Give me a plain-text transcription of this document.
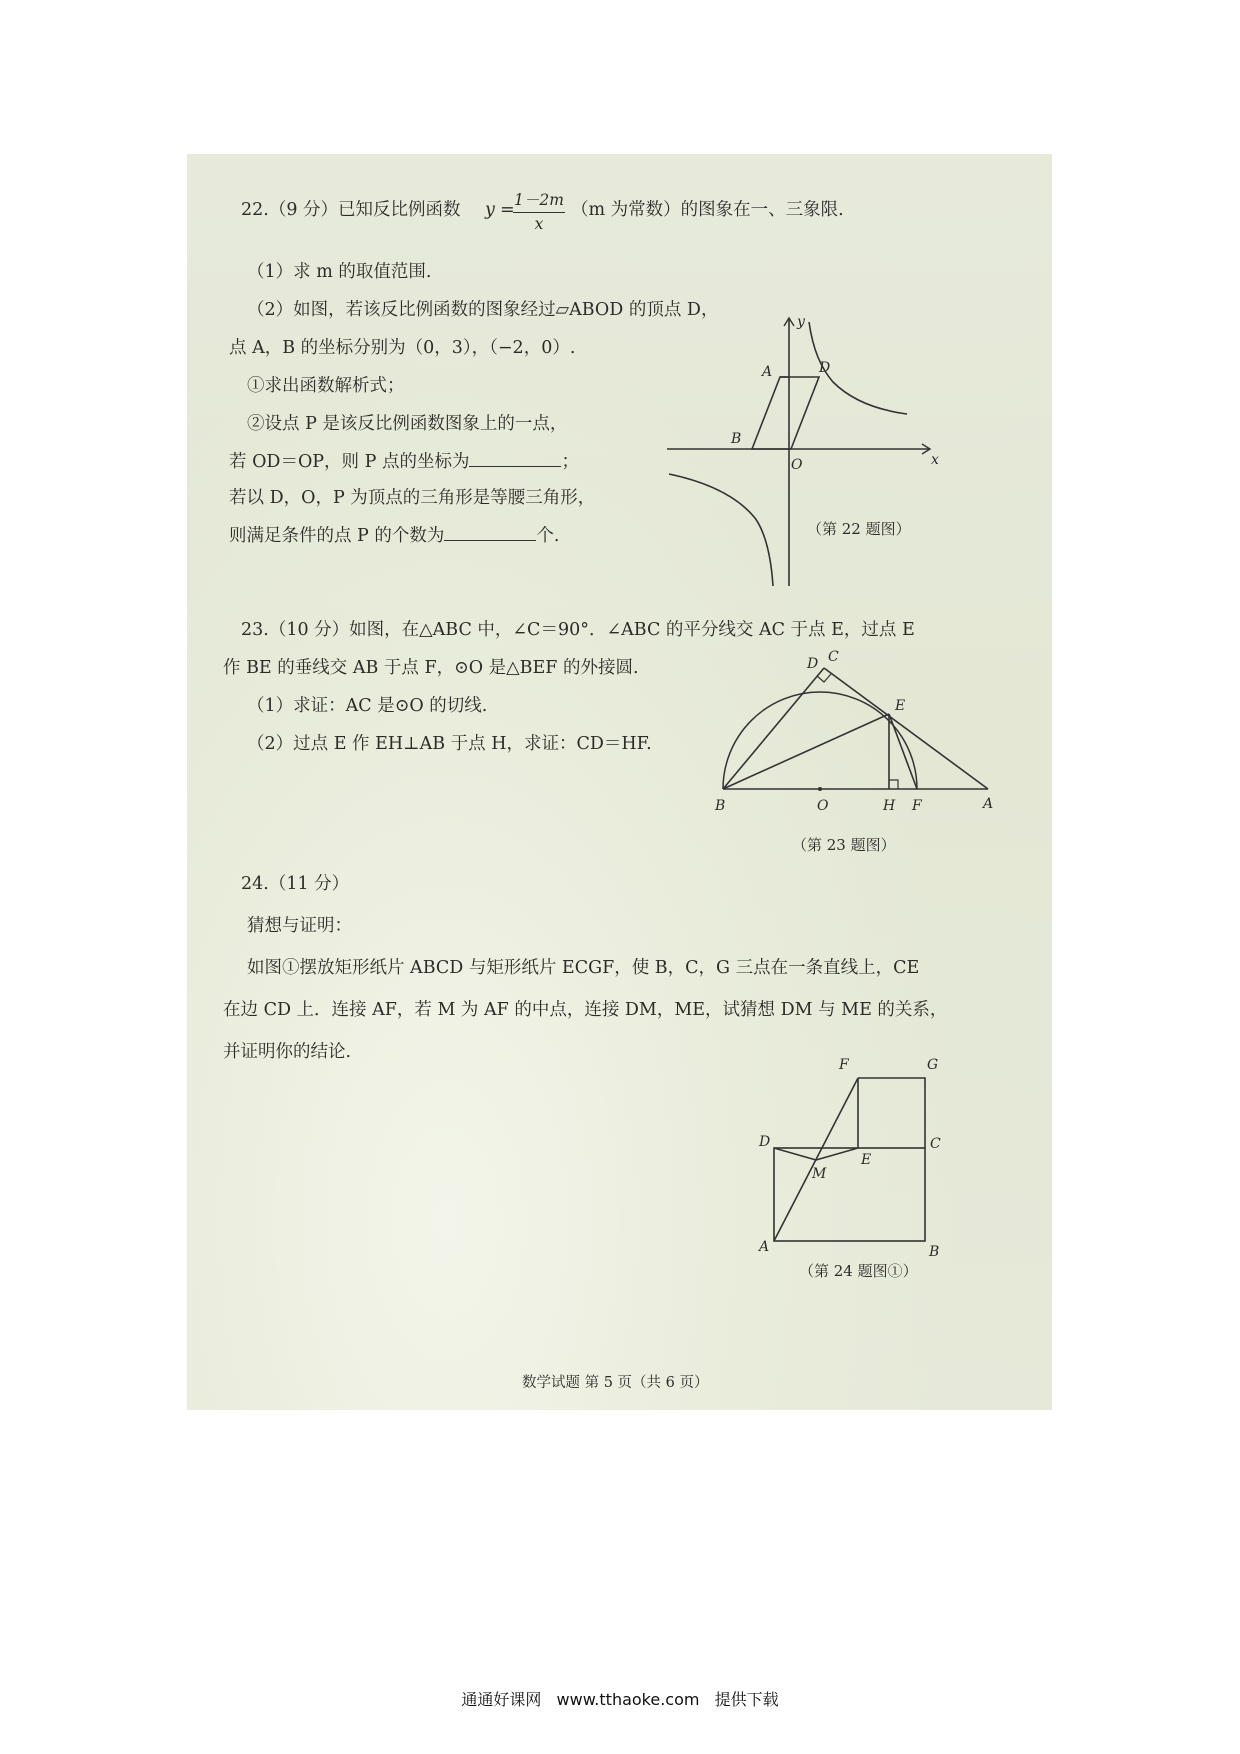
22.（9 分）已知反比例函数 y = 1－2m
x
（m 为常数）的图象在一、三象限.
（1）求 m 的取值范围.
（2）如图，若该反比例函数的图象经过▱ABOD 的顶点 D，
点 A，B 的坐标分别为（0，3），（−2，0）.
①求出函数解析式；
②设点 P 是该反比例函数图象上的一点，
若 OD＝OP，则 P 点的坐标为	；
若以 D，O，P 为顶点的三角形是等腰三角形，
则满足条件的点 P 的个数为	个.
B
A	D
O	x
y
（第 22 题图）
23.（10 分）如图，在△ABC 中，∠C＝90°．∠ABC 的平分线交 AC 于点 E，过点 E
作 BE 的垂线交 AB 于点 F，⊙O 是△BEF 的外接圆.
（1）求证：AC 是⊙O 的切线.
（2）过点 E 作 EH⊥AB 于点 H，求证：CD＝HF.
C
D
E
B	O	H F	A
（第 23 题图）
24.（11 分）
猜想与证明：
如图①摆放矩形纸片 ABCD 与矩形纸片 ECGF，使 B，C，G 三点在一条直线上，CE
在边 CD 上．连接 AF，若 M 为 AF 的中点，连接 DM，ME，试猜想 DM 与 ME 的关系，
并证明你的结论.
F	G
D
E
C
M
A	B
（第 24 题图①）
数学试题 第 5 页（共 6 页）
通通好课网 www.tthaoke.com 提供下载
